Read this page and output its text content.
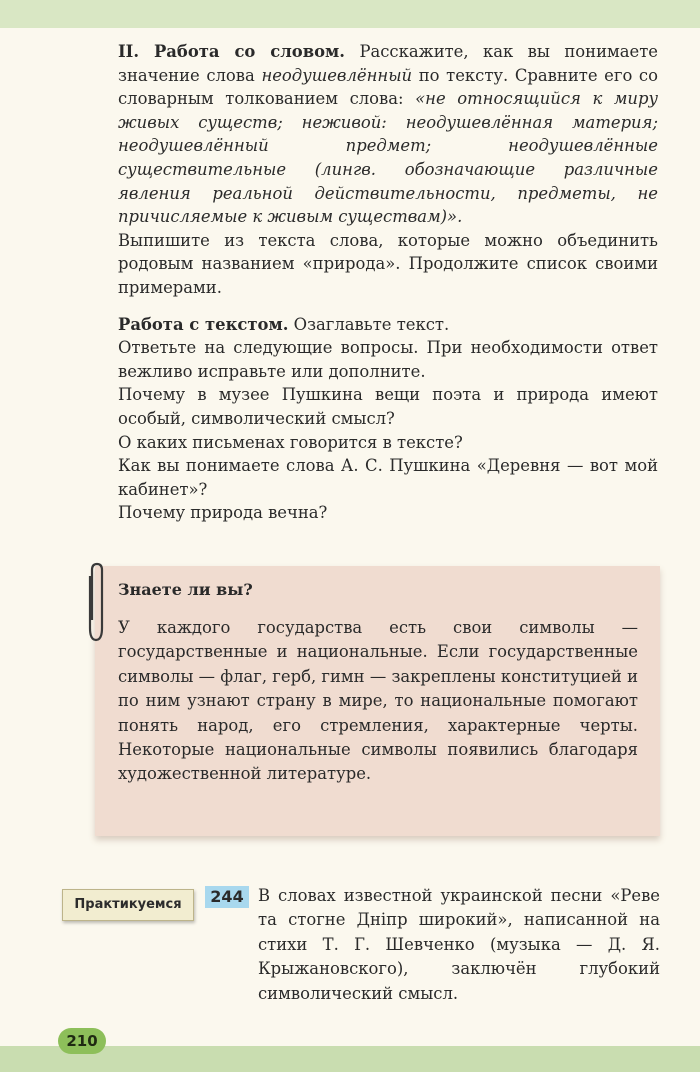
II. Работа со словом. Расскажите, как вы понимаете значение слова неодушевлённый по тексту. Сравните его со словарным толкованием слова: «не относящийся к миру живых существ; неживой: неодушевлённая материя; неодушевлённый предмет; неодушевлённые существительные (лингв. обозначающие различные явления реальной действительности, предметы, не причисляемые к живым существам)».

Выпишите из текста слова, которые можно объединить родовым названием «природа». Продолжите список своими примерами.

Работа с текстом. Озаглавьте текст.

Ответьте на следующие вопросы. При необходимости ответ вежливо исправьте или дополните.

Почему в музее Пушкина вещи поэта и природа имеют особый, символический смысл?

О каких письменах говорится в тексте?

Как вы понимаете слова А. С. Пушкина «Деревня — вот мой кабинет»?

Почему природа вечна?

Знаете ли вы?
У каждого государства есть свои символы — государственные и национальные. Если государственные символы — флаг, герб, гимн — закреплены конституцией и по ним узнают страну в мире, то национальные помогают понять народ, его стремления, характерные черты. Некоторые национальные символы появились благодаря художественной литературе.
Практикуемся	244 В словах известной украинской песни «Реве та стогне Дніпр широкий», написанной на стихи Т. Г. Шевченко (музыка — Д. Я. Крыжановского), заключён глубокий символический смысл.
210
